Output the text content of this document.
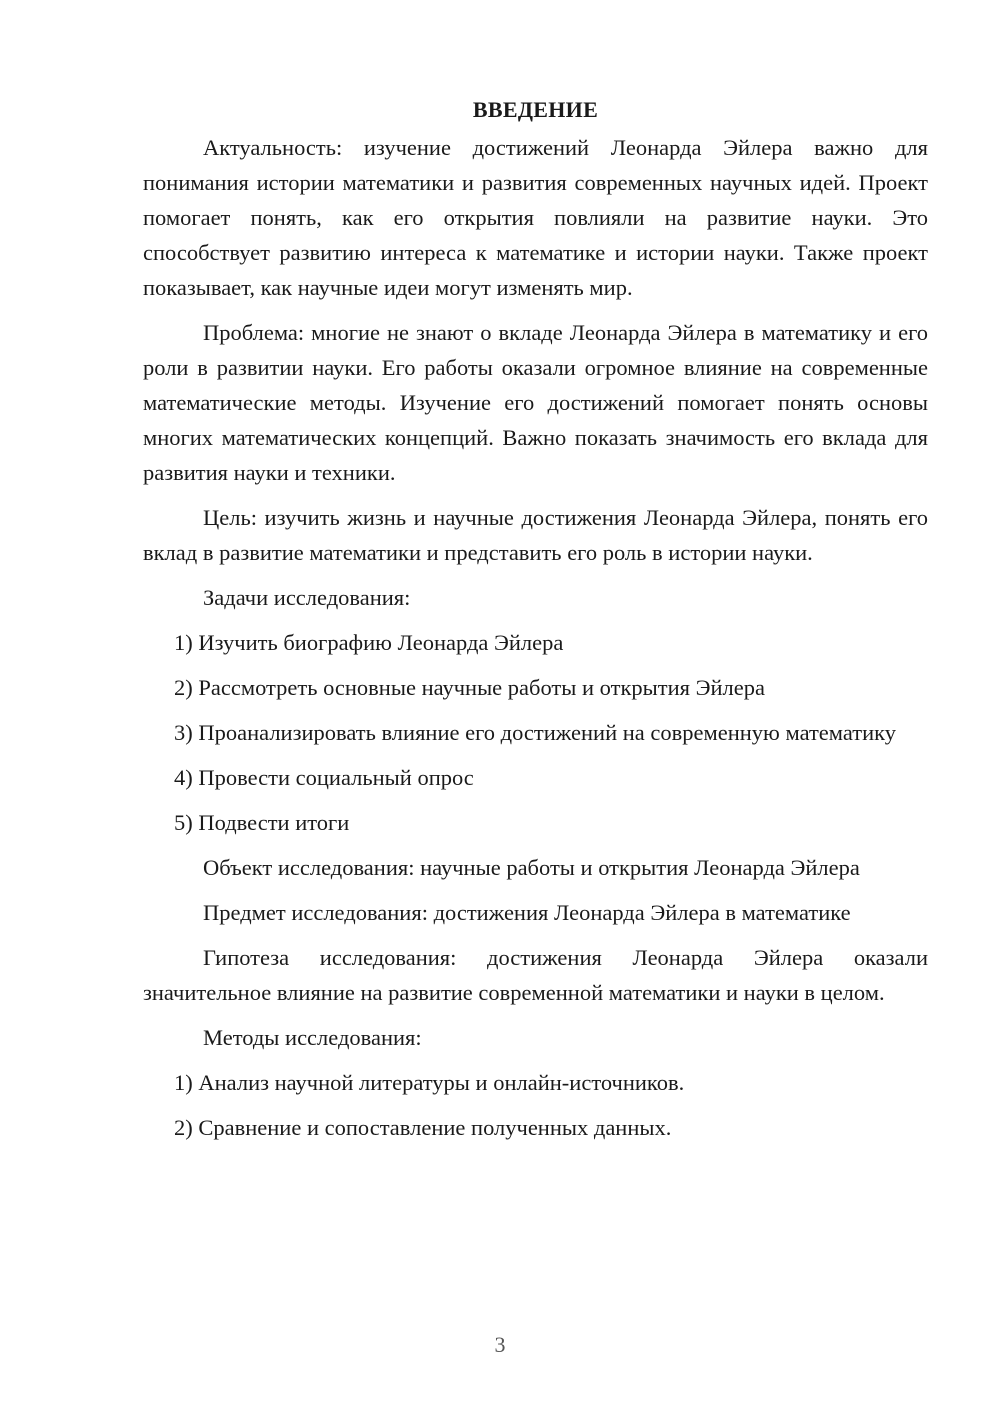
ВВЕДЕНИЕ

Актуальность: изучение достижений Леонарда Эйлера важно для понимания истории математики и развития современных научных идей. Проект помогает понять, как его открытия повлияли на развитие науки. Это способствует развитию интереса к математике и истории науки. Также проект показывает, как научные идеи могут изменять мир.

Проблема: многие не знают о вкладе Леонарда Эйлера в математику и его роли в развитии науки. Его работы оказали огромное влияние на современные математические методы. Изучение его достижений помогает понять основы многих математических концепций. Важно показать значимость его вклада для развития науки и техники.

Цель: изучить жизнь и научные достижения Леонарда Эйлера, понять его вклад в развитие математики и представить его роль в истории науки.

Задачи исследования:

1) Изучить биографию Леонарда Эйлера

2) Рассмотреть основные научные работы и открытия Эйлера

3) Проанализировать влияние его достижений на современную математику

4) Провести социальный опрос

5) Подвести итоги

Объект исследования: научные работы и открытия Леонарда Эйлера

Предмет исследования: достижения Леонарда Эйлера в математике

Гипотеза исследования: достижения Леонарда Эйлера оказали значительное влияние на развитие современной математики и науки в целом.

Методы исследования:

1) Анализ научной литературы и онлайн-источников.

2) Сравнение и сопоставление полученных данных.

3
